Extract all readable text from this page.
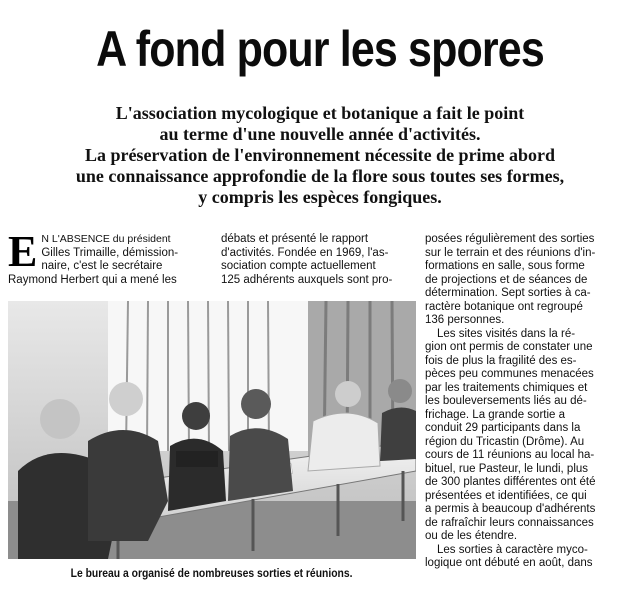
A fond pour les spores
L'association mycologique et botanique a fait le point
au terme d'une nouvelle année d'activités.
La préservation de l'environnement nécessite de prime abord
une connaissance approfondie de la flore sous toutes ses formes,
y compris les espèces fongiques.
E N L'ABSENCE du président
Gilles Trimaille, démission-
naire, c'est le secrétaire
Raymond Herbert qui a mené les
débats et présenté le rapport
d'activités. Fondée en 1969, l'as-
sociation compte actuellement
125 adhérents auxquels sont pro-
posées régulièrement des sorties
sur le terrain et des réunions d'in-
formations en salle, sous forme
de projections et de séances de
détermination. Sept sorties à ca-
ractère botanique ont regroupé
136 personnes.
Les sites visités dans la ré-
gion ont permis de constater une
fois de plus la fragilité des es-
pèces peu communes menacées
par les traitements chimiques et
les bouleversements liés au dé-
frichage. La grande sortie a
conduit 29 participants dans la
région du Tricastin (Drôme). Au
cours de 11 réunions au local ha-
bituel, rue Pasteur, le lundi, plus
de 300 plantes différentes ont été
présentées et identifiées, ce qui
a permis à beaucoup d'adhérents
de rafraîchir leurs connaissances
ou de les étendre.
Les sorties à caractère myco-
logique ont débuté en août, dans
Le bureau a organisé de nombreuses sorties et réunions.
